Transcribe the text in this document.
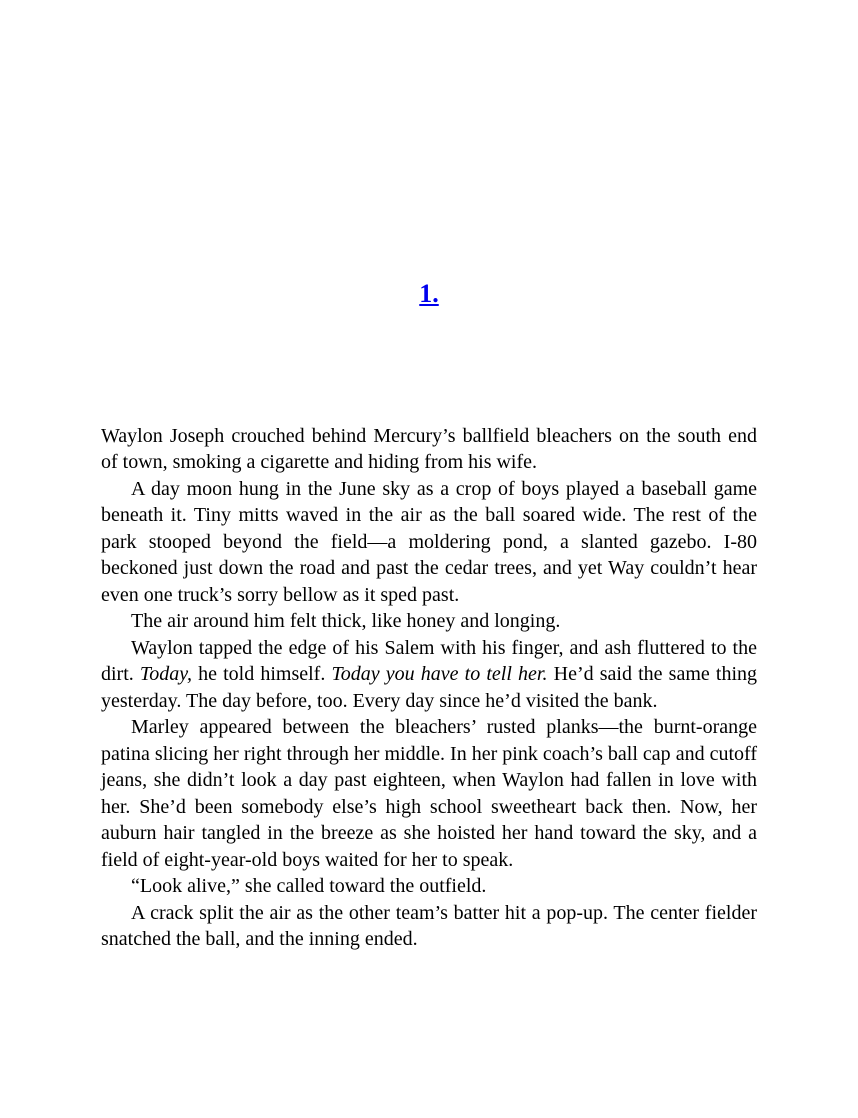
1.

Waylon Joseph crouched behind Mercury’s ballfield bleachers on the south end of town, smoking a cigarette and hiding from his wife.

A day moon hung in the June sky as a crop of boys played a baseball game beneath it. Tiny mitts waved in the air as the ball soared wide. The rest of the park stooped beyond the field—a moldering pond, a slanted gazebo. I-80 beckoned just down the road and past the cedar trees, and yet Way couldn’t hear even one truck’s sorry bellow as it sped past.

The air around him felt thick, like honey and longing.

Waylon tapped the edge of his Salem with his finger, and ash fluttered to the dirt. Today, he told himself. Today you have to tell her. He’d said the same thing yesterday. The day before, too. Every day since he’d visited the bank.

Marley appeared between the bleachers’ rusted planks—the burnt-orange patina slicing her right through her middle. In her pink coach’s ball cap and cutoff jeans, she didn’t look a day past eighteen, when Waylon had fallen in love with her. She’d been somebody else’s high school sweetheart back then. Now, her auburn hair tangled in the breeze as she hoisted her hand toward the sky, and a field of eight-year-old boys waited for her to speak.

“Look alive,” she called toward the outfield.

A crack split the air as the other team’s batter hit a pop-up. The center fielder snatched the ball, and the inning ended.
